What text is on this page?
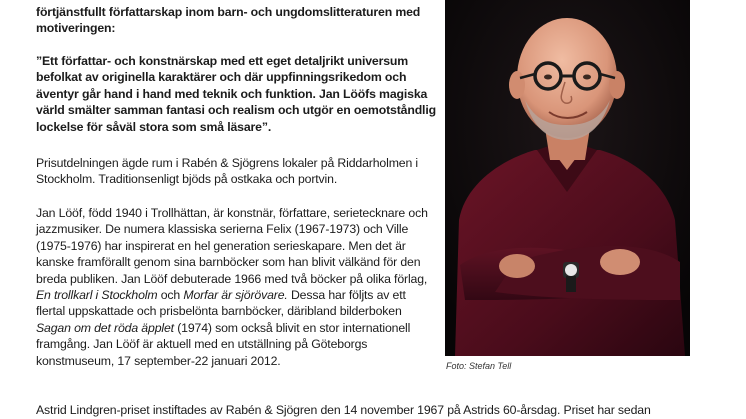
förtjänstfullt författarskap inom barn- och ungdomslitteraturen med motiveringen:

”Ett författar- och konstnärskap med ett eget detaljrikt universum befolkat av originella karaktärer och där uppfinningsrikedom och äventyr går hand i hand med teknik och funktion. Jan Lööfs magiska värld smälter samman fantasi och realism och utgör en oemotståndlig lockelse för såväl stora som små läsare”.

Prisutdelningen ägde rum i Rabén & Sjögrens lokaler på Riddarholmen i Stockholm. Traditionsenligt bjöds på ostkaka och portvin.

Jan Lööf, född 1940 i Trollhättan, är konstnär, författare, serietecknare och jazzmusiker. De numera klassiska serierna Felix (1967-1973) och Ville (1975-1976) har inspirerat en hel generation serieskapare. Men det är kanske framförallt genom sina barnböcker som han blivit välkänd för den breda publiken. Jan Lööf debuterade 1966 med två böcker på olika förlag, En trollkarl i Stockholm och Morfar är sjörövare. Dessa har följts av ett flertal uppskattade och prisbelönta barnböcker, däribland bilderboken Sagan om det röda äpplet (1974) som också blivit en stor internationell framgång. Jan Lööf är aktuell med en utställning på Göteborgs konstmuseum, 17 september-22 januari 2012.	Foto: Stefan Tell

Astrid Lindgren-priset instiftades av Rabén & Sjögren den 14 november 1967 på Astrids 60-årsdag. Priset har sedan
